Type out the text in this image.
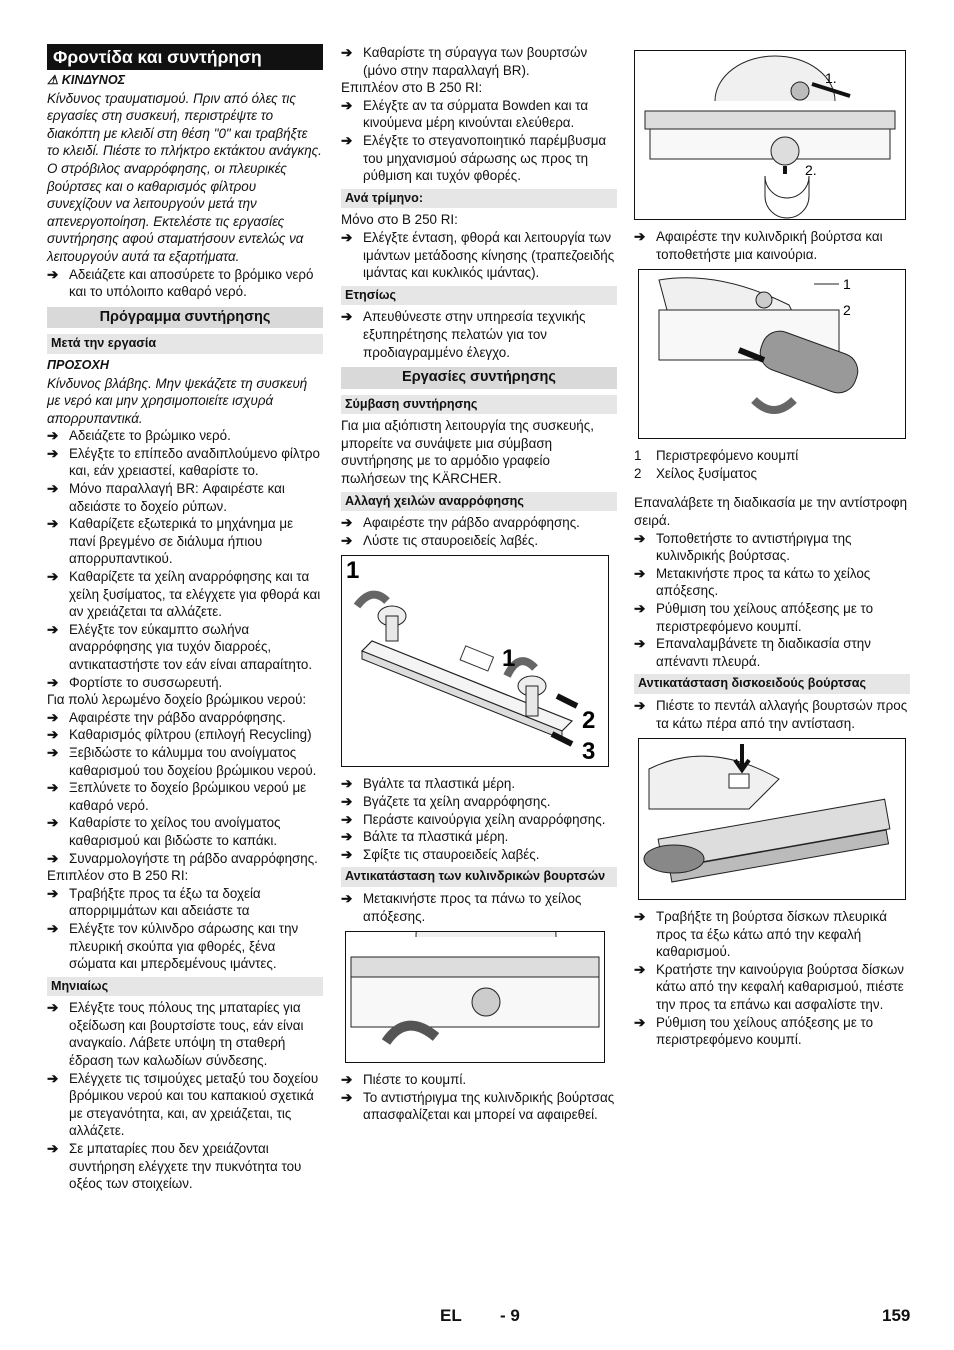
Φροντίδα και συντήρηση

⚠ ΚΙΝΔΥΝΟΣ

Κίνδυνος τραυματισμού. Πριν από όλες τις εργασίες στη συσκευή, περιστρέψτε το διακόπτη με κλειδί στη θέση "0" και τραβήξτε το κλειδί. Πιέστε το πλήκτρο εκτάκτου ανάγκης.

Ο στρόβιλος αναρρόφησης, οι πλευρικές βούρτσες και ο καθαρισμός φίλτρου συνεχίζουν να λειτουργούν μετά την απενεργοποίηση. Εκτελέστε τις εργασίες συντήρησης αφού σταματήσουν εντελώς να λειτουργούν αυτά τα εξαρτήματα.

➔ Αδειάζετε και αποσύρετε το βρόμικο νερό και το υπόλοιπο καθαρό νερό.
Πρόγραμμα συντήρησης
Μετά την εργασία

ΠΡΟΣΟΧΗ

Κίνδυνος βλάβης. Μην ψεκάζετε τη συσκευή με νερό και μην χρησιμοποιείτε ισχυρά απορρυπαντικά.

➔ Αδειάζετε το βρώμικο νερό.
➔ Ελέγξτε το επίπεδο αναδιπλούμενο φίλτρο και, εάν χρειαστεί, καθαρίστε το.
➔ Μόνο παραλλαγή BR: Αφαιρέστε και αδειάστε το δοχείο ρύπων.
➔ Καθαρίζετε εξωτερικά το μηχάνημα με πανί βρεγμένο σε διάλυμα ήπιου απορρυπαντικού.
➔ Καθαρίζετε τα χείλη αναρρόφησης και τα χείλη ξυσίματος, τα ελέγχετε για φθορά και αν χρειάζεται τα αλλάζετε.
➔ Ελέγξτε τον εύκαμπτο σωλήνα αναρρόφησης για τυχόν διαρροές, αντικαταστήστε τον εάν είναι απαραίτητο.
➔ Φορτίστε το συσσωρευτή.

Για πολύ λερωμένο δοχείο βρώμικου νερού:

➔ Αφαιρέστε την ράβδο αναρρόφησης.
➔ Καθαρισμός φίλτρου (επιλογή Recycling)
➔ Ξεβιδώστε το κάλυμμα του ανοίγματος καθαρισμού του δοχείου βρώμικου νερού.
➔ Ξεπλύνετε το δοχείο βρώμικου νερού με καθαρό νερό.
➔ Καθαρίστε το χείλος του ανοίγματος καθαρισμού και βιδώστε το καπάκι.
➔ Συναρμολογήστε τη ράβδο αναρρόφησης.

Επιπλέον στο B 250 RI:

➔ Τραβήξτε προς τα έξω τα δοχεία απορριμμάτων και αδειάστε τα
➔ Ελέγξτε τον κύλινδρο σάρωσης και την πλευρική σκούπα για φθορές, ξένα σώματα και μπερδεμένους ιμάντες.
Μηνιαίως
➔ Ελέγξτε τους πόλους της μπαταρίες για οξείδωση και βουρτσίστε τους, εάν είναι αναγκαίο. Λάβετε υπόψη τη σταθερή έδραση των καλωδίων σύνδεσης.
➔ Ελέγχετε τις τσιμούχες μεταξύ του δοχείου βρόμικου νερού και του καπακιού σχετικά με στεγανότητα, και, αν χρειάζεται, τις αλλάζετε.
➔ Σε μπαταρίες που δεν χρειάζονται συντήρηση ελέγχετε την πυκνότητα του οξέος των στοιχείων.
➔ Καθαρίστε τη σύραγγα των βουρτσών (μόνο στην παραλλαγή BR).

Επιπλέον στο B 250 RI:

➔ Ελέγξτε αν τα σύρματα Bowden και τα κινούμενα μέρη κινούνται ελεύθερα.
➔ Ελέγξτε το στεγανοποιητικό παρέμβυσμα του μηχανισμού σάρωσης ως προς τη ρύθμιση και τυχόν φθορές.
Ανά τρίμηνο:

Μόνο στο B 250 RI:

➔ Ελέγξτε ένταση, φθορά και λειτουργία των ιμάντων μετάδοσης κίνησης (τραπεζοειδής ιμάντας και κυκλικός ιμάντας).
Ετησίως
➔ Απευθύνεστε στην υπηρεσία τεχνικής εξυπηρέτησης πελατών για τον προδιαγραμμένο έλεγχο.
Εργασίες συντήρησης
Σύμβαση συντήρησης

Για μια αξιόπιστη λειτουργία της συσκευής, μπορείτε να συνάψετε μια σύμβαση συντήρησης με το αρμόδιο γραφείο πωλήσεων της KÄRCHER.

Αλλαγή χειλών αναρρόφησης
➔ Αφαιρέστε την ράβδο αναρρόφησης.
➔ Λύστε τις σταυροειδείς λαβές.
1
1
2
3
➔ Βγάλτε τα πλαστικά μέρη.
➔ Βγάζετε τα χείλη αναρρόφησης.
➔ Περάστε καινούργια χείλη αναρρόφησης.
➔ Βάλτε τα πλαστικά μέρη.
➔ Σφίξτε τις σταυροειδείς λαβές.
Αντικατάσταση των κυλινδρικών βουρτσών
➔ Μετακινήστε προς τα πάνω το χείλος απόξεσης.
➔ Πιέστε το κουμπί.
➔ Το αντιστήριγμα της κυλινδρικής βούρτσας απασφαλίζεται και μπορεί να αφαιρεθεί.
1.
2.
➔ Αφαιρέστε την κυλινδρική βούρτσα και τοποθετήστε μια καινούρια.
1
2
1	Περιστρεφόμενο κουμπί
2	Χείλος ξυσίματος

Επαναλάβετε τη διαδικασία με την αντίστροφη σειρά.

➔ Τοποθετήστε το αντιστήριγμα της κυλινδρικής βούρτσας.
➔ Μετακινήστε προς τα κάτω το χείλος απόξεσης.
➔ Ρύθμιση του χείλους απόξεσης με το περιστρεφόμενο κουμπί.
➔ Επαναλαμβάνετε τη διαδικασία στην απέναντι πλευρά.
Αντικατάσταση δισκοειδούς βούρτσας
➔ Πιέστε το πεντάλ αλλαγής βουρτσών προς τα κάτω πέρα από την αντίσταση.
➔ Τραβήξτε τη βούρτσα δίσκων πλευρικά προς τα έξω κάτω από την κεφαλή καθαρισμού.
➔ Κρατήστε την καινούργια βούρτσα δίσκων κάτω από την κεφαλή καθαρισμού, πιέστε την προς τα επάνω και ασφαλίστε την.
➔ Ρύθμιση του χείλους απόξεσης με το περιστρεφόμενο κουμπί.
EL - 9	159
